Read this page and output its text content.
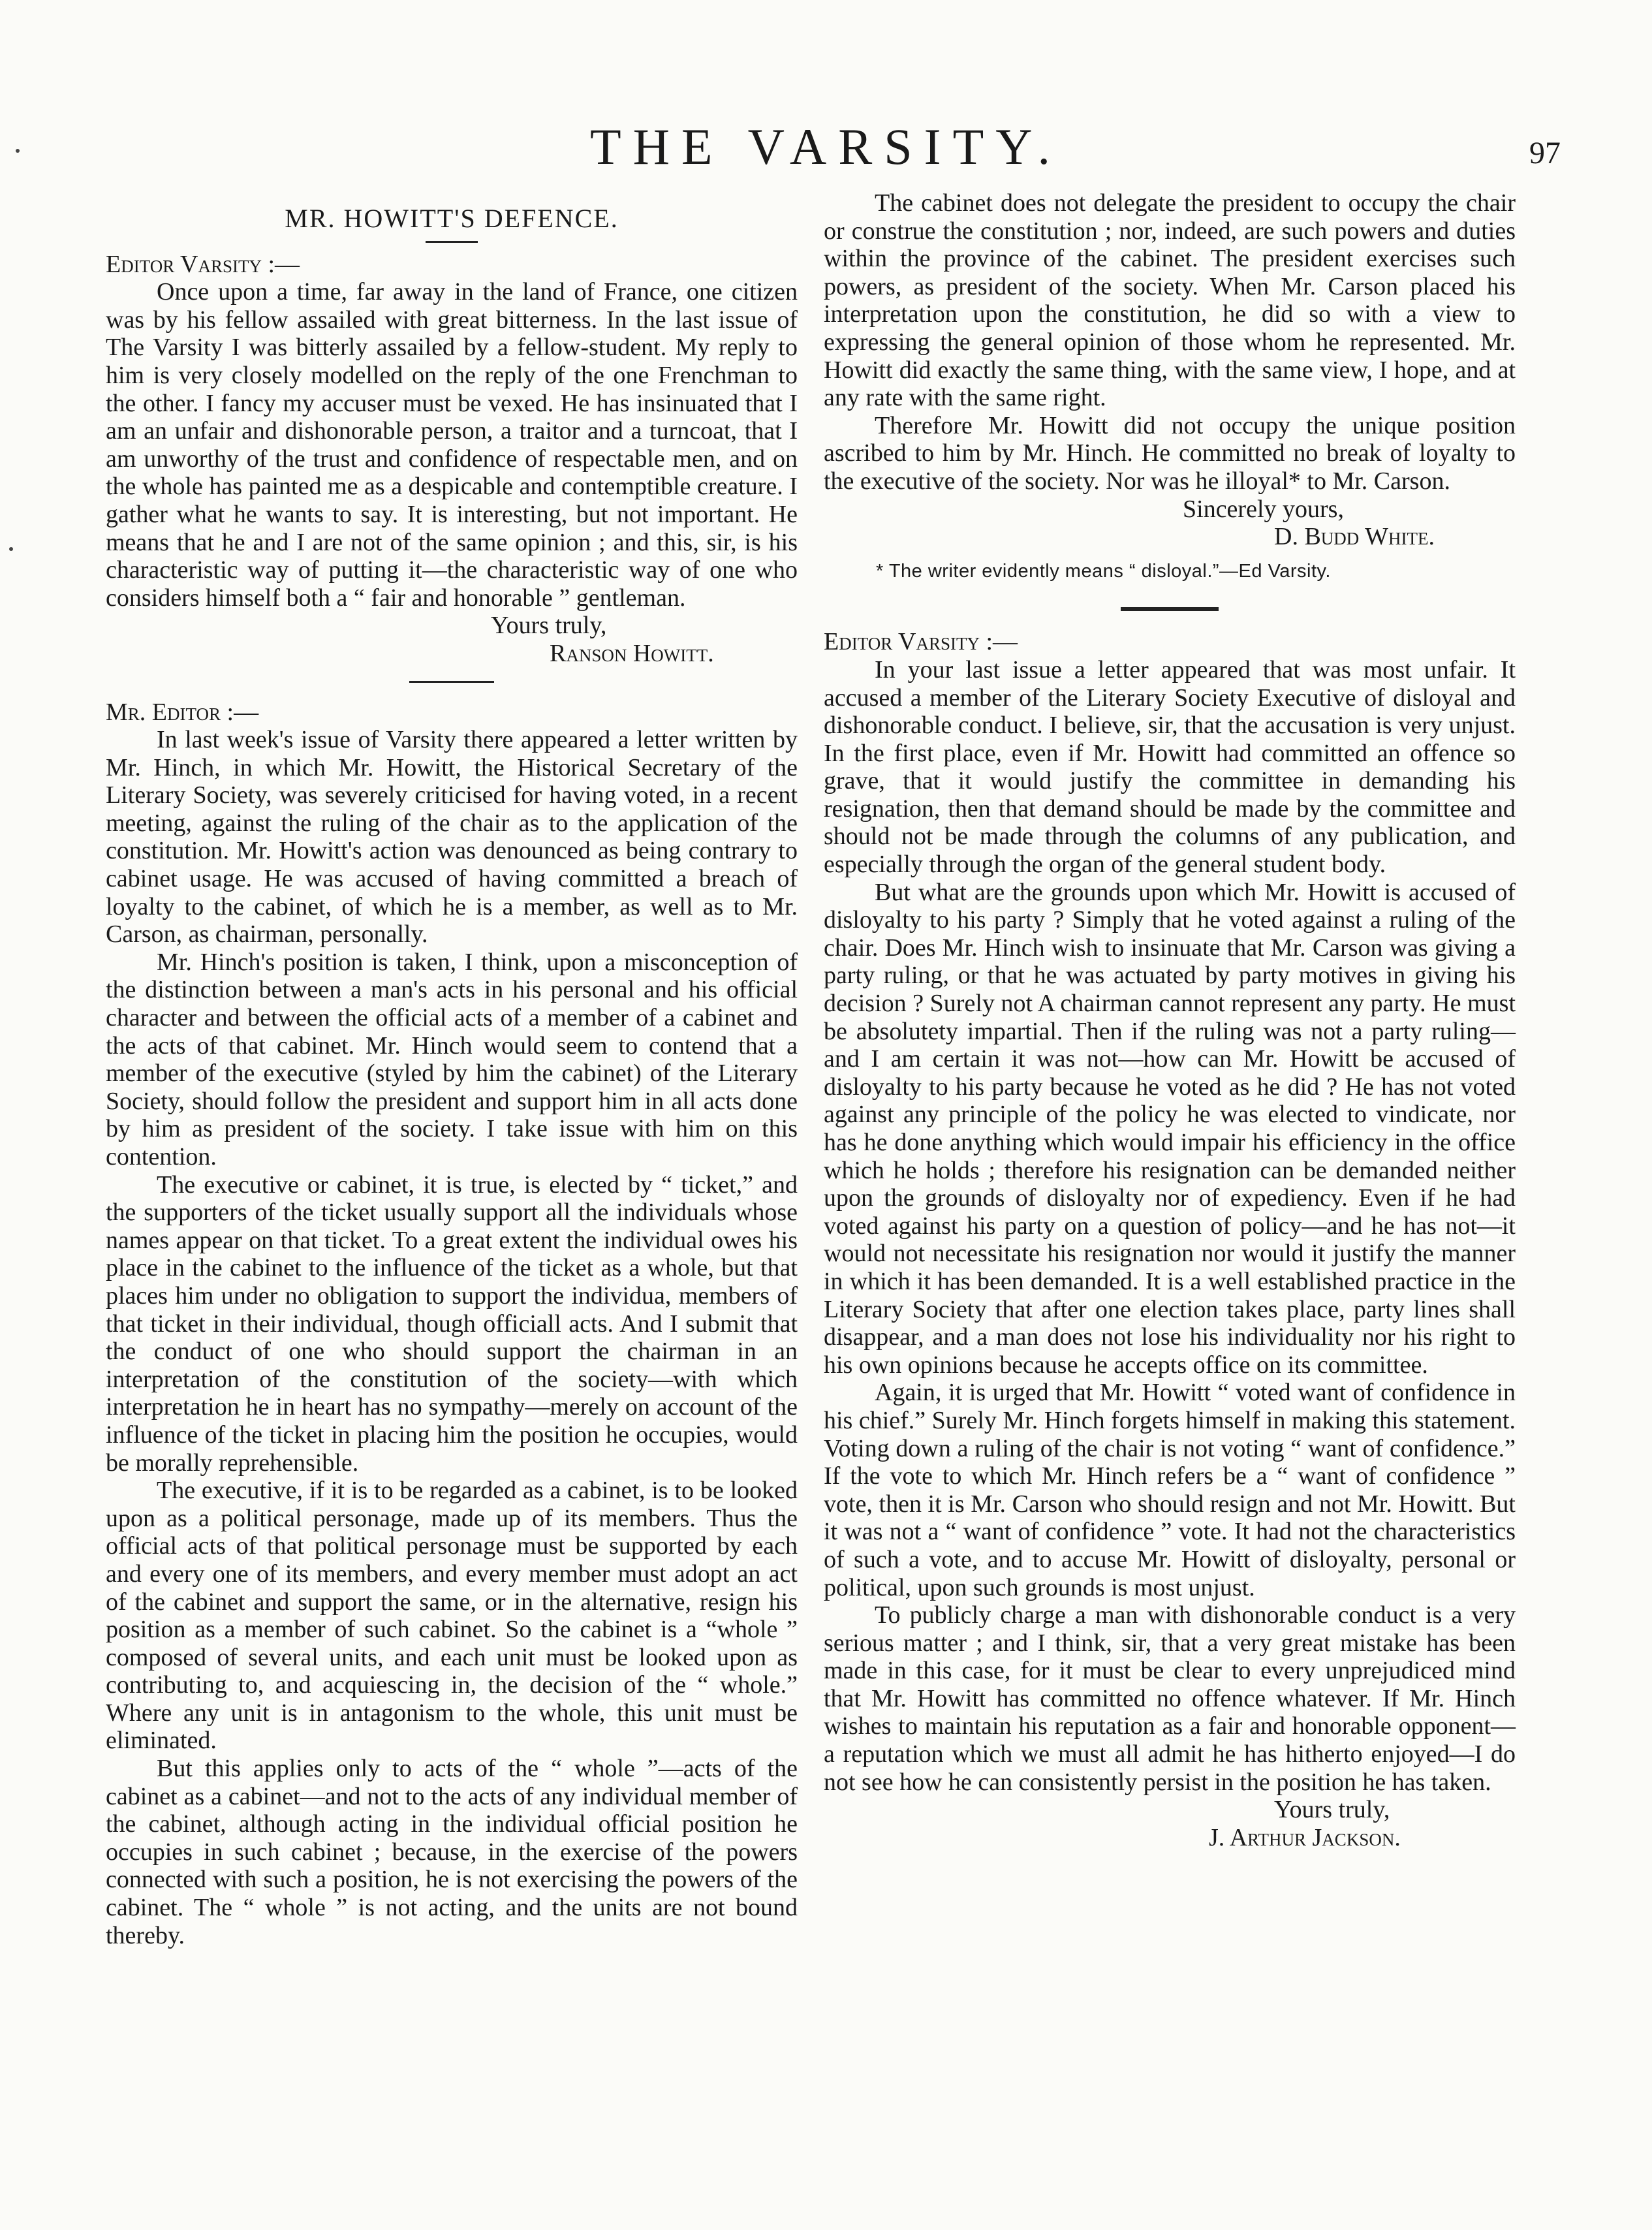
THE VARSITY.	97

MR. HOWITT'S DEFENCE.

Editor Varsity :—

Once upon a time, far away in the land of France, one citizen was by his fellow assailed with great bitterness. In the last issue of The Varsity I was bitterly assailed by a fellow-student. My reply to him is very closely modelled on the reply of the one Frenchman to the other. I fancy my accuser must be vexed. He has insinuated that I am an unfair and dishonorable person, a traitor and a turncoat, that I am unworthy of the trust and confidence of respectable men, and on the whole has painted me as a despicable and contemptible creature. I gather what he wants to say. It is interesting, but not important. He means that he and I are not of the same opinion ; and this, sir, is his characteristic way of putting it—the characteristic way of one who considers himself both a “ fair and honorable ” gentleman.

Yours truly,

Ranson Howitt.

Mr. Editor :—

In last week's issue of Varsity there appeared a letter written by Mr. Hinch, in which Mr. Howitt, the Historical Secretary of the Literary Society, was severely criticised for having voted, in a recent meeting, against the ruling of the chair as to the application of the constitution. Mr. Howitt's action was denounced as being contrary to cabinet usage. He was accused of having committed a breach of loyalty to the cabinet, of which he is a member, as well as to Mr. Carson, as chairman, personally.

Mr. Hinch's position is taken, I think, upon a misconception of the distinction between a man's acts in his personal and his official character and between the official acts of a member of a cabinet and the acts of that cabinet. Mr. Hinch would seem to contend that a member of the executive (styled by him the cabinet) of the Literary Society, should follow the president and support him in all acts done by him as president of the society. I take issue with him on this contention.

The executive or cabinet, it is true, is elected by “ ticket,” and the supporters of the ticket usually support all the individuals whose names appear on that ticket. To a great extent the individual owes his place in the cabinet to the influence of the ticket as a whole, but that places him under no obligation to support the individua, members of that ticket in their individual, though officiall acts. And I submit that the conduct of one who should support the chairman in an interpretation of the constitution of the society—with which interpretation he in heart has no sympathy—merely on account of the influence of the ticket in placing him the position he occupies, would be morally reprehensible.

The executive, if it is to be regarded as a cabinet, is to be looked upon as a political personage, made up of its members. Thus the official acts of that political personage must be supported by each and every one of its members, and every member must adopt an act of the cabinet and support the same, or in the alternative, resign his position as a member of such cabinet. So the cabinet is a “whole ” composed of several units, and each unit must be looked upon as contributing to, and acquiescing in, the decision of the “ whole.” Where any unit is in antagonism to the whole, this unit must be eliminated.

But this applies only to acts of the “ whole ”—acts of the cabinet as a cabinet—and not to the acts of any individual member of the cabinet, although acting in the individual official position he occupies in such cabinet ; because, in the exercise of the powers connected with such a position, he is not exercising the powers of the cabinet. The “ whole ” is not acting, and the units are not bound thereby.

The cabinet does not delegate the president to occupy the chair or construe the constitution ; nor, indeed, are such powers and duties within the province of the cabinet. The president exercises such powers, as president of the society. When Mr. Carson placed his interpretation upon the constitution, he did so with a view to expressing the general opinion of those whom he represented. Mr. Howitt did exactly the same thing, with the same view, I hope, and at any rate with the same right.

Therefore Mr. Howitt did not occupy the unique position ascribed to him by Mr. Hinch. He committed no break of loyalty to the executive of the society. Nor was he illoyal* to Mr. Carson.

Sincerely yours,

D. Budd White.

* The writer evidently means “ disloyal.”—Ed Varsity.

Editor Varsity :—

In your last issue a letter appeared that was most unfair. It accused a member of the Literary Society Executive of disloyal and dishonorable conduct. I believe, sir, that the accusation is very unjust. In the first place, even if Mr. Howitt had committed an offence so grave, that it would justify the committee in demanding his resignation, then that demand should be made by the committee and should not be made through the columns of any publication, and especially through the organ of the general student body.

But what are the grounds upon which Mr. Howitt is accused of disloyalty to his party ? Simply that he voted against a ruling of the chair. Does Mr. Hinch wish to insinuate that Mr. Carson was giving a party ruling, or that he was actuated by party motives in giving his decision ? Surely not A chairman cannot represent any party. He must be absolutety impartial. Then if the ruling was not a party ruling—and I am certain it was not—how can Mr. Howitt be accused of disloyalty to his party because he voted as he did ? He has not voted against any principle of the policy he was elected to vindicate, nor has he done anything which would impair his efficiency in the office which he holds ; therefore his resignation can be demanded neither upon the grounds of disloyalty nor of expediency. Even if he had voted against his party on a question of policy—and he has not—it would not necessitate his resignation nor would it justify the manner in which it has been demanded. It is a well established practice in the Literary Society that after one election takes place, party lines shall disappear, and a man does not lose his individuality nor his right to his own opinions because he accepts office on its committee.

Again, it is urged that Mr. Howitt “ voted want of confidence in his chief.” Surely Mr. Hinch forgets himself in making this statement. Voting down a ruling of the chair is not voting “ want of confidence.” If the vote to which Mr. Hinch refers be a “ want of confidence ” vote, then it is Mr. Carson who should resign and not Mr. Howitt. But it was not a “ want of confidence ” vote. It had not the characteristics of such a vote, and to accuse Mr. Howitt of disloyalty, personal or political, upon such grounds is most unjust.

To publicly charge a man with dishonorable conduct is a very serious matter ; and I think, sir, that a very great mistake has been made in this case, for it must be clear to every unprejudiced mind that Mr. Howitt has committed no offence whatever. If Mr. Hinch wishes to maintain his reputation as a fair and honorable opponent—a reputation which we must all admit he has hitherto enjoyed—I do not see how he can consistently persist in the position he has taken.

Yours truly,

J. Arthur Jackson.
